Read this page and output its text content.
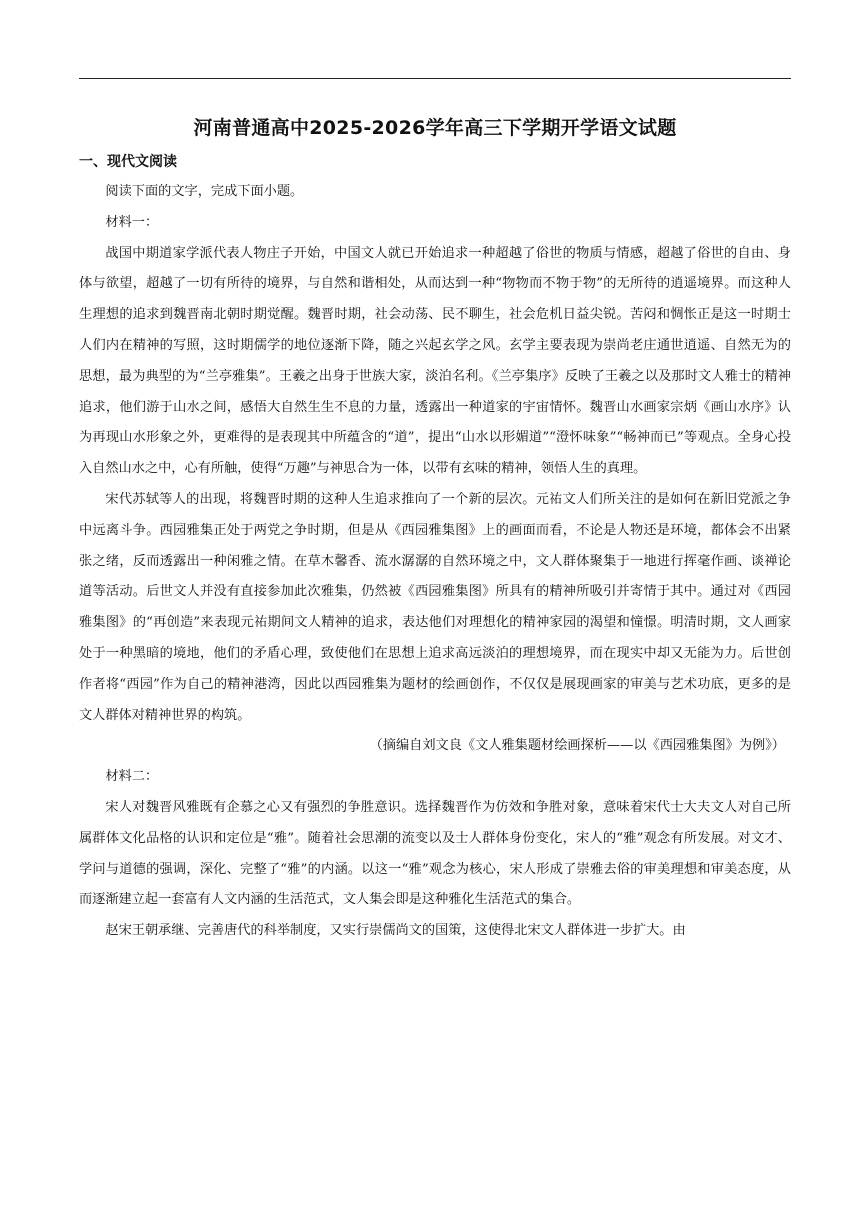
河南普通高中2025-2026学年高三下学期开学语文试题
一、现代文阅读

阅读下面的文字，完成下面小题。

材料一：

战国中期道家学派代表人物庄子开始，中国文人就已开始追求一种超越了俗世的物质与情感，超越了俗世的自由、身体与欲望，超越了一切有所待的境界，与自然和谐相处，从而达到一种“物物而不物于物”的无所待的逍遥境界。而这种人生理想的追求到魏晋南北朝时期觉醒。魏晋时期，社会动荡、民不聊生，社会危机日益尖锐。苦闷和惆怅正是这一时期士人们内在精神的写照，这时期儒学的地位逐渐下降，随之兴起玄学之风。玄学主要表现为崇尚老庄通世逍遥、自然无为的思想，最为典型的为“兰亭雅集”。王羲之出身于世族大家，淡泊名利。《兰亭集序》反映了王羲之以及那时文人雅士的精神追求，他们游于山水之间，感悟大自然生生不息的力量，透露出一种道家的宇宙情怀。魏晋山水画家宗炳《画山水序》认为再现山水形象之外，更难得的是表现其中所蕴含的“道”，提出“山水以形媚道”“澄怀味象”“畅神而已”等观点。全身心投入自然山水之中，心有所触，使得“万趣”与神思合为一体，以带有玄味的精神，领悟人生的真理。

宋代苏轼等人的出现，将魏晋时期的这种人生追求推向了一个新的层次。元祐文人们所关注的是如何在新旧党派之争中远离斗争。西园雅集正处于两党之争时期，但是从《西园雅集图》上的画面而看，不论是人物还是环境，都体会不出紧张之绪，反而透露出一种闲雅之情。在草木馨香、流水潺潺的自然环境之中，文人群体聚集于一地进行挥毫作画、谈禅论道等活动。后世文人并没有直接参加此次雅集，仍然被《西园雅集图》所具有的精神所吸引并寄情于其中。通过对《西园雅集图》的“再创造”来表现元祐期间文人精神的追求，表达他们对理想化的精神家园的渴望和憧憬。明清时期，文人画家处于一种黑暗的境地，他们的矛盾心理，致使他们在思想上追求高远淡泊的理想境界，而在现实中却又无能为力。后世创作者将“西园”作为自己的精神港湾，因此以西园雅集为题材的绘画创作，不仅仅是展现画家的审美与艺术功底，更多的是文人群体对精神世界的构筑。

（摘编自刘文良《文人雅集题材绘画探析——以《西园雅集图》为例》）

材料二：

宋人对魏晋风雅既有企慕之心又有强烈的争胜意识。选择魏晋作为仿效和争胜对象，意味着宋代士大夫文人对自己所属群体文化品格的认识和定位是“雅”。随着社会思潮的流变以及士人群体身份变化，宋人的“雅”观念有所发展。对文才、学问与道德的强调，深化、完整了“雅”的内涵。以这一“雅”观念为核心，宋人形成了崇雅去俗的审美理想和审美态度，从而逐渐建立起一套富有人文内涵的生活范式，文人集会即是这种雅化生活范式的集合。

赵宋王朝承继、完善唐代的科举制度，又实行崇儒尚文的国策，这使得北宋文人群体进一步扩大。由
